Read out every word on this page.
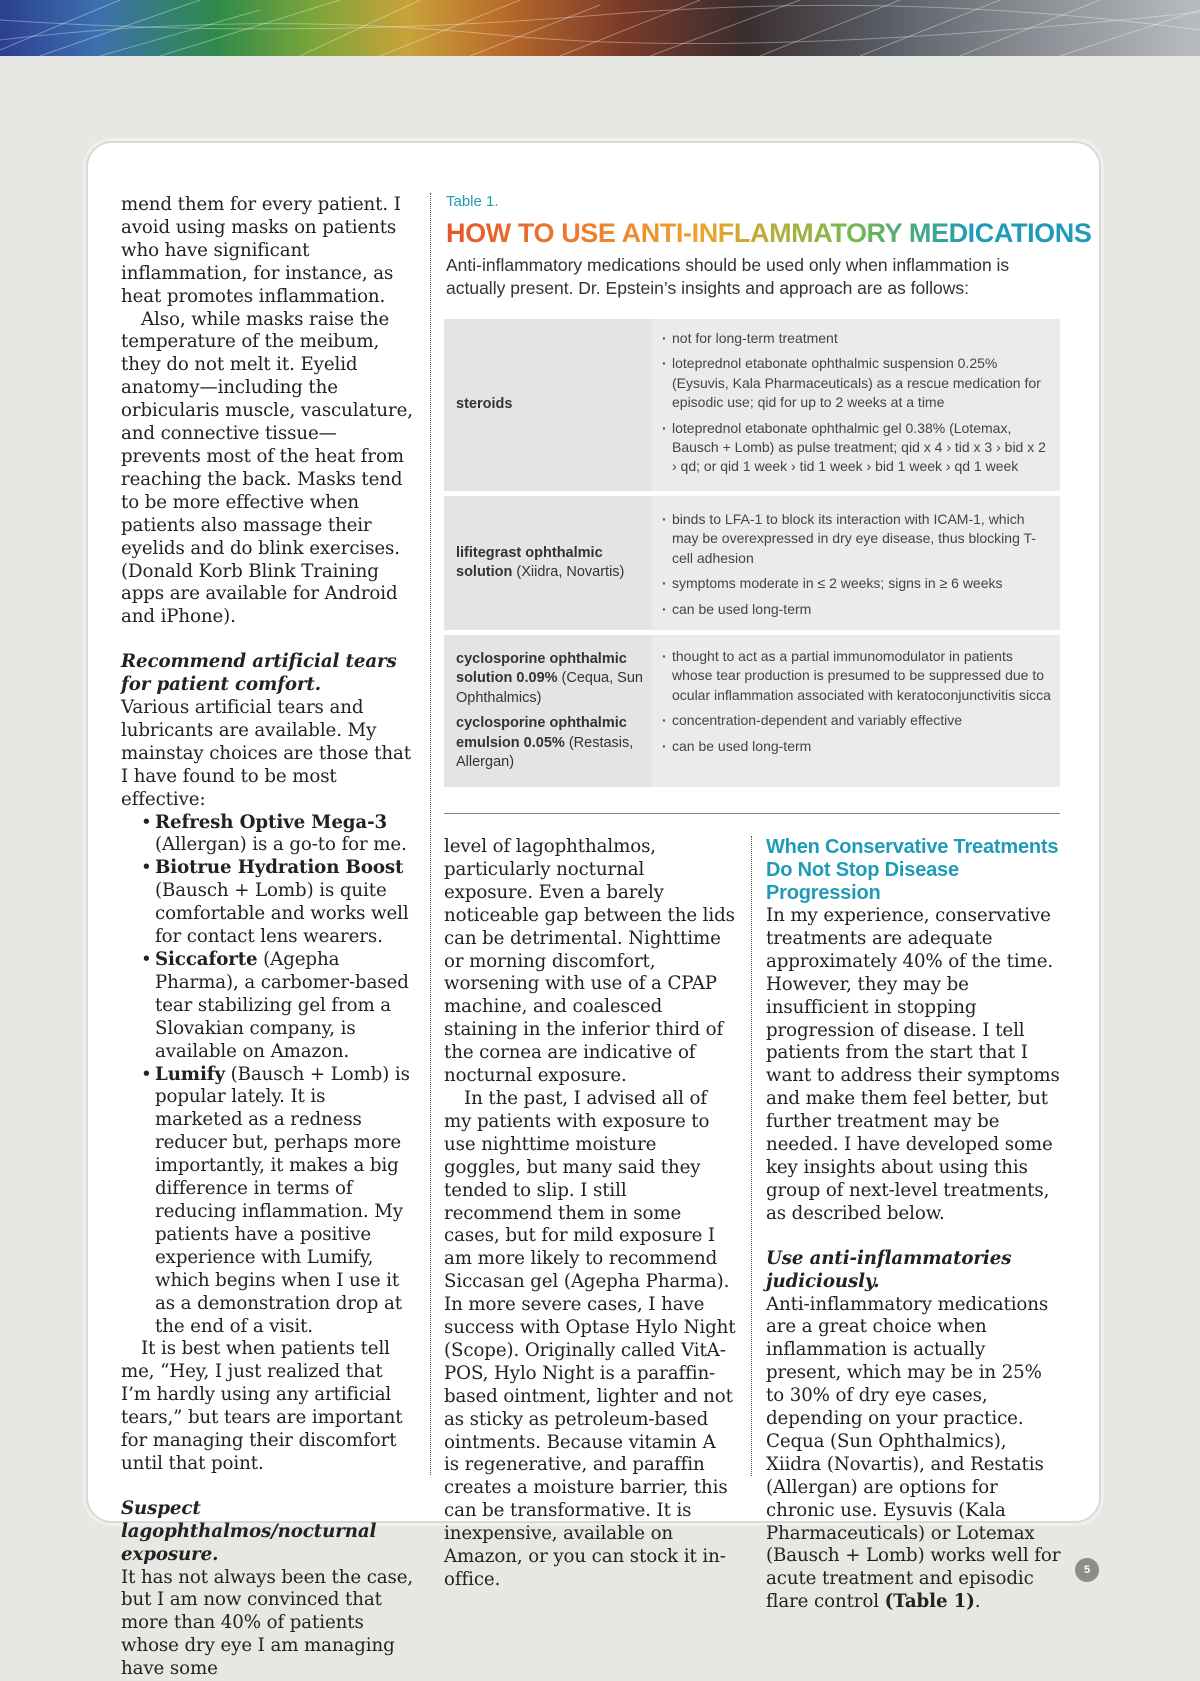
mend them for every patient. I avoid using masks on patients who have significant inflammation, for instance, as heat promotes inflammation.

Also, while masks raise the temperature of the meibum, they do not melt it. Eyelid anatomy—including the orbicularis muscle, vasculature, and connective tissue—prevents most of the heat from reaching the back. Masks tend to be more effective when patients also massage their eyelids and do blink exercises. (Donald Korb Blink Training apps are available for Android and iPhone).

Recommend artificial tears for patient comfort.

Various artificial tears and lubricants are available. My mainstay choices are those that I have found to be most effective:

• Refresh Optive Mega-3 (Allergan) is a go-to for me.
• Biotrue Hydration Boost (Bausch + Lomb) is quite comfortable and works well for contact lens wearers.
• Siccaforte (Agepha Pharma), a carbomer-based tear stabilizing gel from a Slovakian company, is available on Amazon.
• Lumify (Bausch + Lomb) is popular lately. It is marketed as a redness reducer but, perhaps more importantly, it makes a big difference in terms of reducing inflammation. My patients have a positive experience with Lumify, which begins when I use it as a demonstration drop at the end of a visit.

It is best when patients tell me, “Hey, I just realized that I’m hardly using any artificial tears,” but tears are important for managing their discomfort until that point.

Suspect lagophthalmos/nocturnal exposure.

It has not always been the case, but I am now convinced that more than 40% of patients whose dry eye I am managing have some

Table 1.
HOW TO USE ANTI-INFLAMMATORY MEDICATIONS
Anti-inflammatory medications should be used only when inflammation is actually present. Dr. Epstein’s insights and approach are as follows:
steroids
· not for long-term treatment
· loteprednol etabonate ophthalmic suspension 0.25% (Eysuvis, Kala Pharmaceuticals) as a rescue medication for episodic use; qid for up to 2 weeks at a time
· loteprednol etabonate ophthalmic gel 0.38% (Lotemax, Bausch + Lomb) as pulse treatment; qid x 4 › tid x 3 › bid x 2 › qd; or qid 1 week › tid 1 week › bid 1 week › qd 1 week
lifitegrast ophthalmic solution (Xiidra, Novartis)
· binds to LFA-1 to block its interaction with ICAM-1, which may be overexpressed in dry eye disease, thus blocking T-cell adhesion
· symptoms moderate in ≤ 2 weeks; signs in ≥ 6 weeks
· can be used long-term
cyclosporine ophthalmic solution 0.09% (Cequa, Sun Ophthalmics)
cyclosporine ophthalmic emulsion 0.05% (Restasis, Allergan)
· thought to act as a partial immunomodulator in patients whose tear production is presumed to be suppressed due to ocular inflammation associated with keratoconjunctivitis sicca
· concentration-dependent and variably effective
· can be used long-term

level of lagophthalmos, particularly nocturnal exposure. Even a barely noticeable gap between the lids can be detrimental. Nighttime or morning discomfort, worsening with use of a CPAP machine, and coalesced staining in the inferior third of the cornea are indicative of nocturnal exposure.

In the past, I advised all of my patients with exposure to use nighttime moisture goggles, but many said they tended to slip. I still recommend them in some cases, but for mild exposure I am more likely to recommend Siccasan gel (Agepha Pharma). In more severe cases, I have success with Optase Hylo Night (Scope). Originally called VitA-POS, Hylo Night is a paraffin-based ointment, lighter and not as sticky as petroleum-based ointments. Because vitamin A is regenerative, and paraffin creates a moisture barrier, this can be transformative. It is inexpensive, available on Amazon, or you can stock it in-office.

When Conservative Treatments Do Not Stop Disease Progression

In my experience, conservative treatments are adequate approximately 40% of the time. However, they may be insufficient in stopping progression of disease. I tell patients from the start that I want to address their symptoms and make them feel better, but further treatment may be needed. I have developed some key insights about using this group of next-level treatments, as described below.

Use anti-inflammatories judiciously.

Anti-inflammatory medications are a great choice when inflammation is actually present, which may be in 25% to 30% of dry eye cases, depending on your practice. Cequa (Sun Ophthalmics), Xiidra (Novartis), and Restatis (Allergan) are options for chronic use. Eysuvis (Kala Pharmaceuticals) or Lotemax (Bausch + Lomb) works well for acute treatment and episodic flare control (Table 1).

5
